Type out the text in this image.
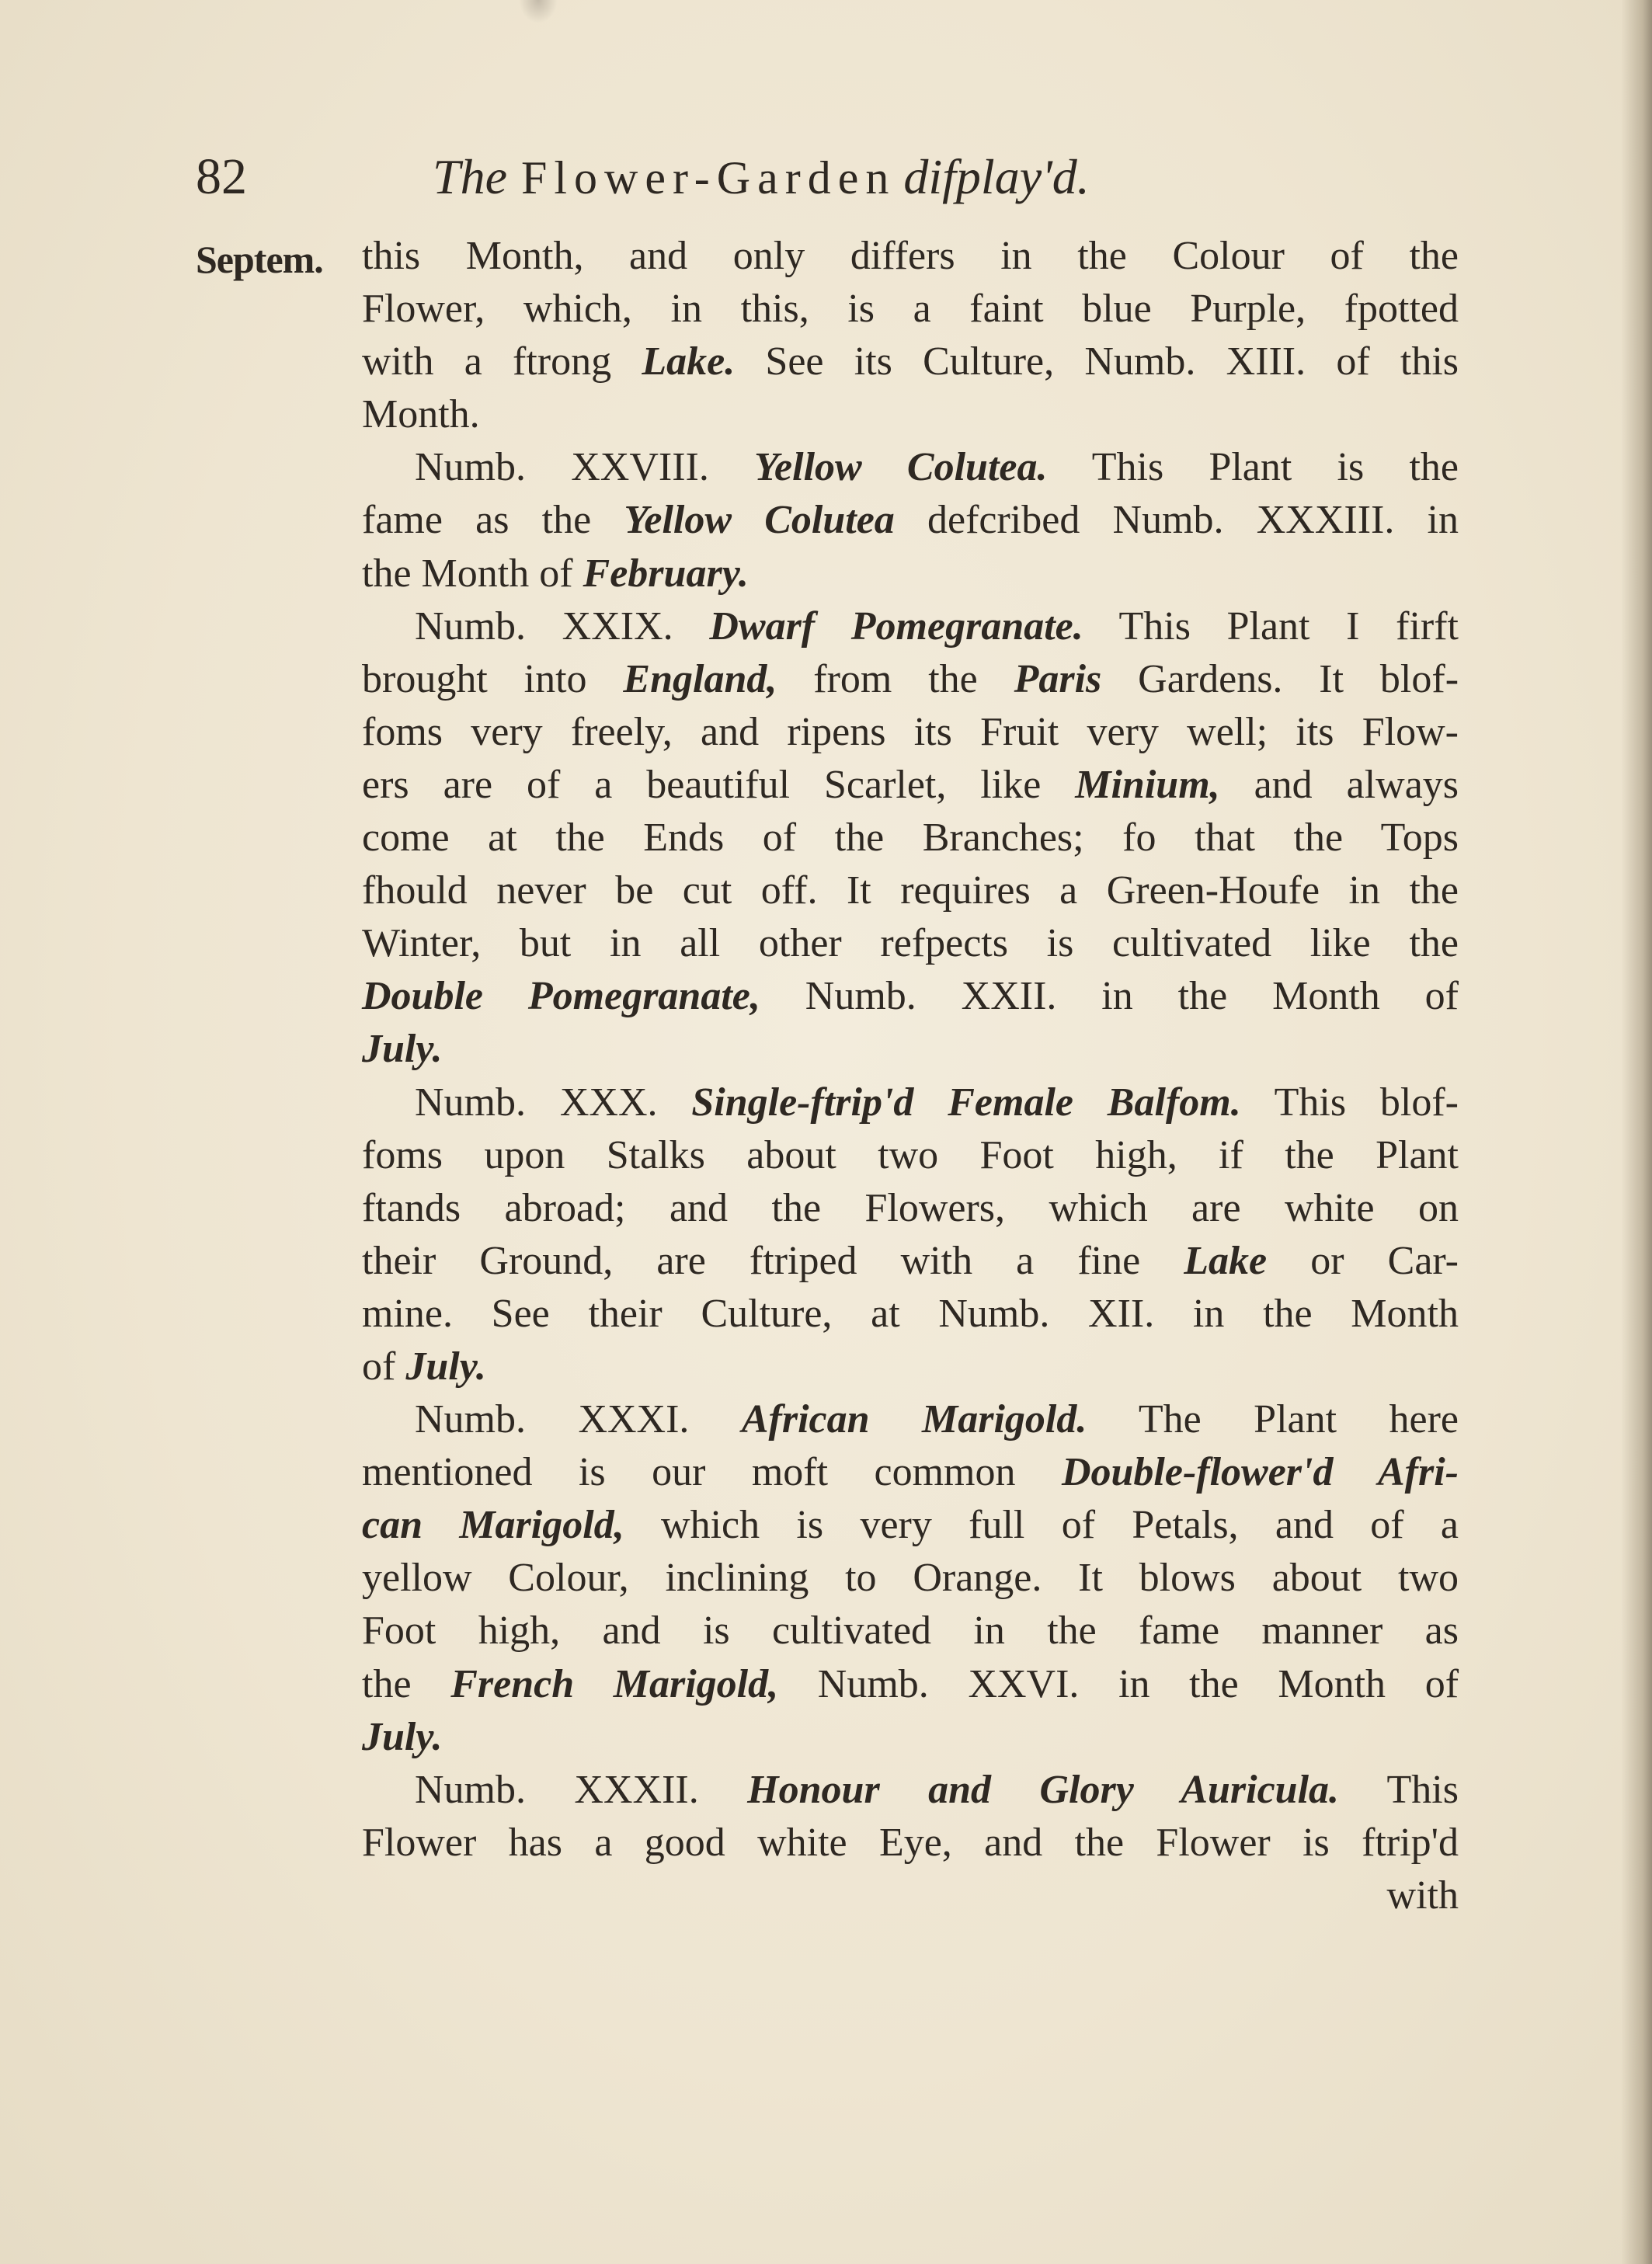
82	The Flower-Garden difplay'd.
Septem. this Month, and only differs in the Colour of the
Flower, which, in this, is a faint blue Purple, fpotted
with a ftrong Lake. See its Culture, Numb. XIII. of this
Month.
Numb. XXVIII. Yellow Colutea. This Plant is the
fame as the Yellow Colutea defcribed Numb. XXXIII. in
the Month of February.
Numb. XXIX. Dwarf Pomegranate. This Plant I firft
brought into England, from the Paris Gardens. It blof-
foms very freely, and ripens its Fruit very well; its Flow-
ers are of a beautiful Scarlet, like Minium, and always
come at the Ends of the Branches; fo that the Tops
fhould never be cut off. It requires a Green-Houfe in the
Winter, but in all other refpects is cultivated like the
Double Pomegranate, Numb. XXII. in the Month of
July.
Numb. XXX. Single-ftrip'd Female Balfom. This blof-
foms upon Stalks about two Foot high, if the Plant
ftands abroad; and the Flowers, which are white on
their Ground, are ftriped with a fine Lake or Car-
mine. See their Culture, at Numb. XII. in the Month
of July.
Numb. XXXI. African Marigold. The Plant here
mentioned is our moft common Double-flower'd Afri-
can Marigold, which is very full of Petals, and of a
yellow Colour, inclining to Orange. It blows about two
Foot high, and is cultivated in the fame manner as
the French Marigold, Numb. XXVI. in the Month of
July.
Numb. XXXII. Honour and Glory Auricula. This
Flower has a good white Eye, and the Flower is ftrip'd
with
